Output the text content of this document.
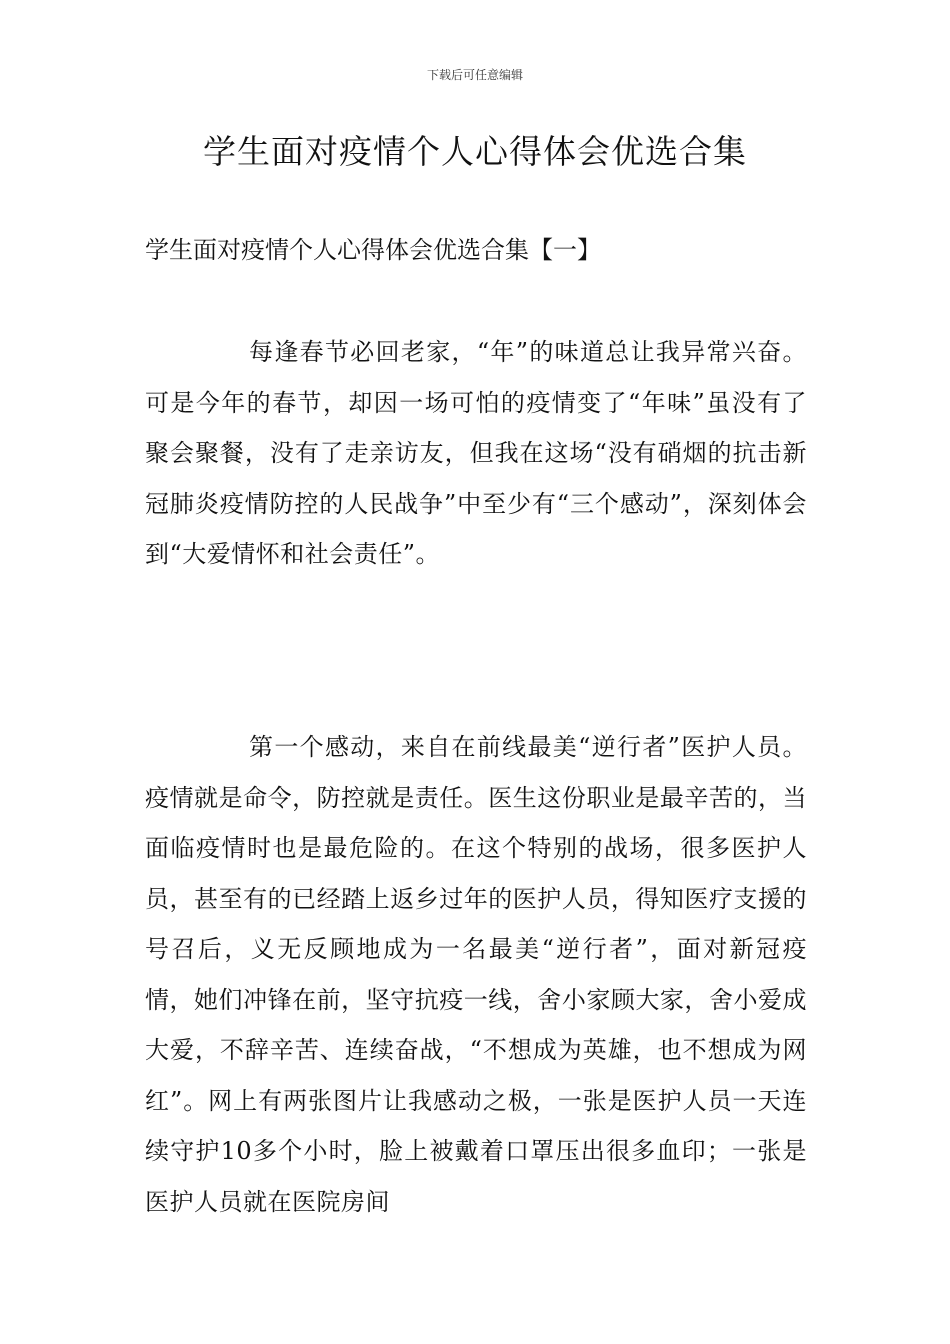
下载后可任意编辑
学生面对疫情个人心得体会优选合集
学生面对疫情个人心得体会优选合集【一】

每逢春节必回老家，“年”的味道总让我异常兴奋。可是今年的春节，却因一场可怕的疫情变了“年味”虽没有了聚会聚餐，没有了走亲访友，但我在这场“没有硝烟的抗击新冠肺炎疫情防控的人民战争”中至少有“三个感动”，深刻体会到“大爱情怀和社会责任”。

第一个感动，来自在前线最美“逆行者”医护人员。疫情就是命令，防控就是责任。医生这份职业是最辛苦的，当面临疫情时也是最危险的。在这个特别的战场，很多医护人员，甚至有的已经踏上返乡过年的医护人员，得知医疗支援的号召后，义无反顾地成为一名最美“逆行者”，面对新冠疫情，她们冲锋在前，坚守抗疫一线，舍小家顾大家，舍小爱成大爱，不辞辛苦、连续奋战，“不想成为英雄，也不想成为网红”。网上有两张图片让我感动之极，一张是医护人员一天连续守护10多个小时，脸上被戴着口罩压出很多血印；一张是医护人员就在医院房间
